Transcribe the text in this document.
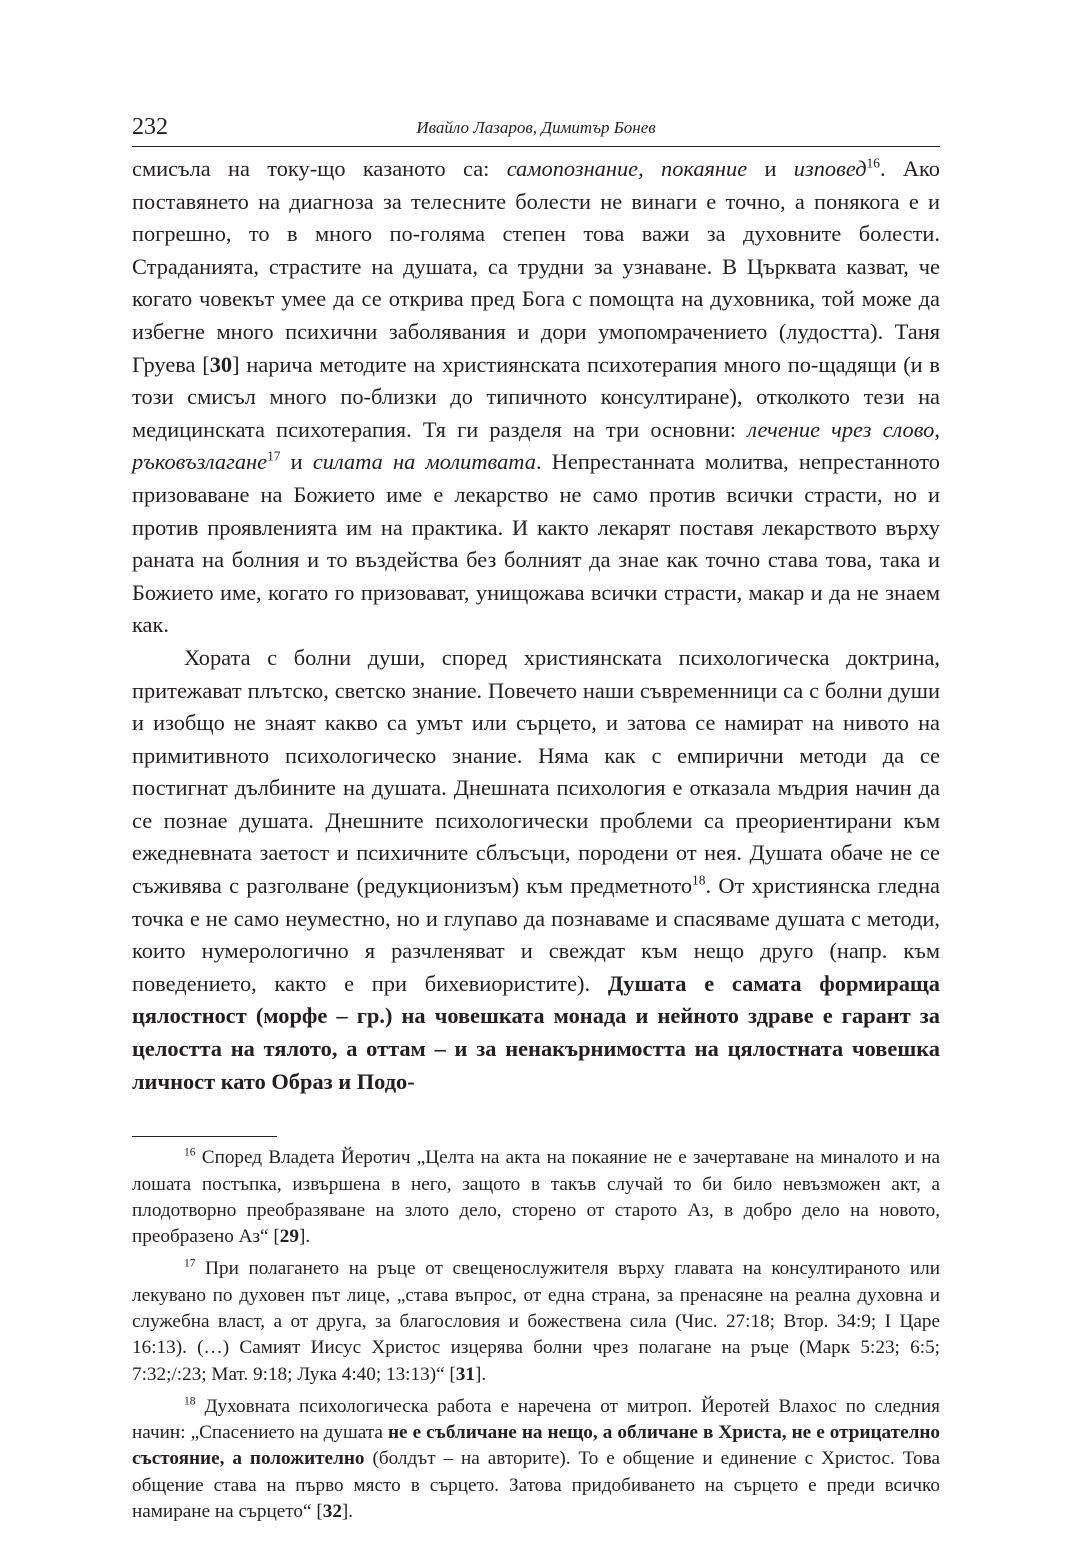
232	Ивайло Лазаров, Димитър Бонев

смисъла на току-що казаното са: самопознание, покаяние и изповед$^{16}$. Ако поставянето на диагноза за телесните болести не винаги е точно, а понякога е и погрешно, то в много по-голяма степен това важи за духовните болести. Страданията, страстите на душата, са трудни за узнаване. В Църквата казват, че когато човекът умее да се открива пред Бога с помощта на духовника, той може да избегне много психични заболявания и дори умопомрачението (лудостта). Таня Груева [30] нарича методите на християнската психотерапия много по-щадящи (и в този смисъл много по-близки до типичното консултиране), отколкото тези на медицинската психотерапия. Тя ги разделя на три основни: лечение чрез слово, ръковъзлагане$^{17}$ и силата на молитвата. Непрестанната молитва, непрестанното призоваване на Божието име е лекарство не само против всички страсти, но и против проявленията им на практика. И както лекарят поставя лекарството върху раната на болния и то въздейства без болният да знае как точно става това, така и Божието име, когато го призовават, унищожава всички страсти, макар и да не знаем как.

Хората с болни души, според християнската психологическа доктрина, притежават плътско, светско знание. Повечето наши съвременници са с болни души и изобщо не знаят какво са умът или сърцето, и затова се намират на нивото на примитивното психологическо знание. Няма как с емпирични методи да се постигнат дълбините на душата. Днешната психология е отказала мъдрия начин да се познае душата. Днешните психологически проблеми са преориентирани към ежедневната заетост и психичните сблъсъци, породени от нея. Душата обаче не се съживява с разголване (редукционизъм) към предметното$^{18}$. От християнска гледна точка е не само неуместно, но и глупаво да познаваме и спасяваме душата с методи, които нумерологично я разчленяват и свеждат към нещо друго (напр. към поведението, както е при бихевиористите). Душата е самата формираща цялостност (морфе – гр.) на човешката монада и нейното здраве е гарант за целостта на тялото, а оттам – и за ненакърнимостта на цялостната човешка личност като Образ и Подо-

$^{16}$ Според Владета Йеротич „Целта на акта на покаяние не е зачертаване на миналото и на лошата постъпка, извършена в него, защото в такъв случай то би било невъзможен акт, а плодотворно преобразяване на злото дело, сторено от старото Аз, в добро дело на новото, преобразено Аз“ [29].

$^{17}$ При полагането на ръце от свещенослужителя върху главата на консултираното или лекувано по духовен път лице, „става въпрос, от една страна, за пренасяне на реална духовна и служебна власт, а от друга, за благословия и божествена сила (Чис. 27:18; Втор. 34:9; I Царе 16:13). (…) Самият Иисус Христос изцерява болни чрез полагане на ръце (Марк 5:23; 6:5; 7:32;/:23; Мат. 9:18; Лука 4:40; 13:13)“ [31].

$^{18}$ Духовната психологическа работа е наречена от митроп. Йеротей Влахос по следния начин: „Спасението на душата не е събличане на нещо, а обличане в Христа, не е отрицателно състояние, а положително (болдът – на авторите). То е общение и единение с Христос. Това общение става на първо място в сърцето. Затова придобиването на сърцето е преди всичко намиране на сърцето“ [32].
